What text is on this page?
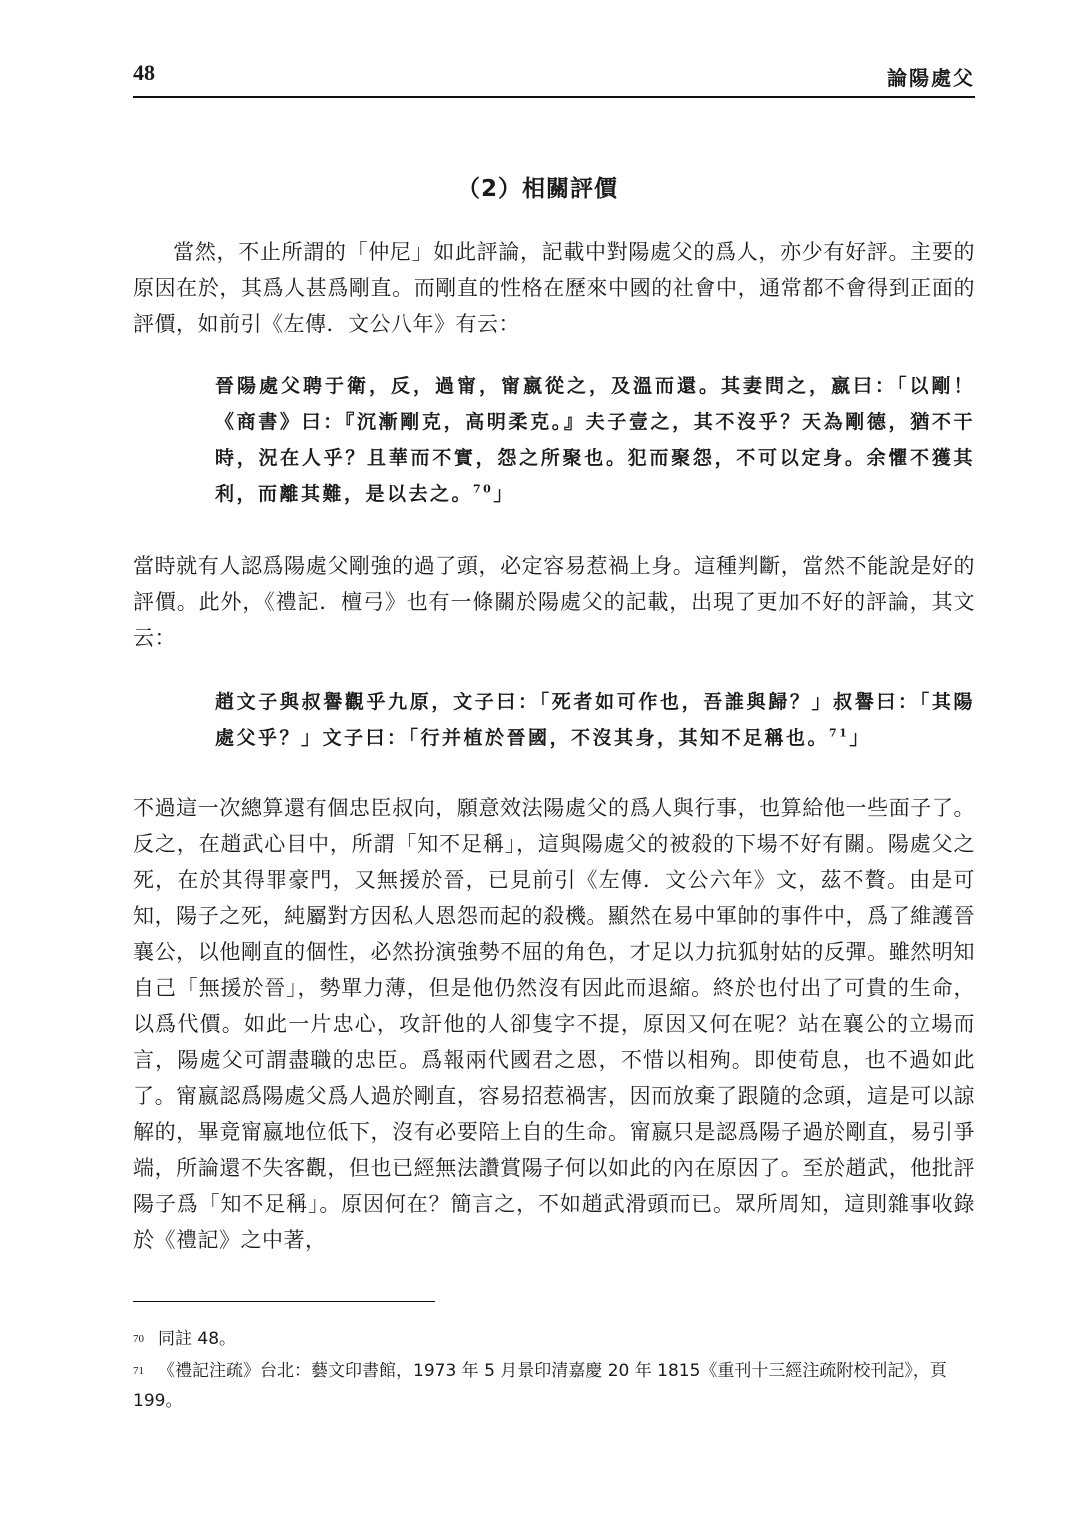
48	論陽處父
（2）相關評價
當然，不止所謂的「仲尼」如此評論，記載中對陽處父的爲人，亦少有好評。主要的原因在於，其爲人甚爲剛直。而剛直的性格在歷來中國的社會中，通常都不會得到正面的評價，如前引《左傳．文公八年》有云：
晉陽處父聘于衛，反，過甯，甯嬴從之，及溫而還。其妻問之，嬴曰：「以剛！《商書》曰：『沉漸剛克，高明柔克。』夫子壹之，其不沒乎？天為剛德，猶不干時，況在人乎？且華而不實，怨之所聚也。犯而聚怨，不可以定身。余懼不獲其利，而離其難，是以去之。$^{70}$」
當時就有人認爲陽處父剛強的過了頭，必定容易惹禍上身。這種判斷，當然不能說是好的評價。此外，《禮記．檀弓》也有一條關於陽處父的記載，出現了更加不好的評論，其文云：
趙文子與叔譽觀乎九原，文子曰：「死者如可作也，吾誰與歸？」叔譽曰：「其陽處父乎？」文子曰：「行并植於晉國，不沒其身，其知不足稱也。$^{71}$」
不過這一次總算還有個忠臣叔向，願意效法陽處父的爲人與行事，也算給他一些面子了。反之，在趙武心目中，所謂「知不足稱」，這與陽處父的被殺的下場不好有關。陽處父之死，在於其得罪豪門，又無援於晉，已見前引《左傳．文公六年》文，茲不贅。由是可知，陽子之死，純屬對方因私人恩怨而起的殺機。顯然在易中軍帥的事件中，爲了維護晉襄公，以他剛直的個性，必然扮演強勢不屈的角色，才足以力抗狐射姑的反彈。雖然明知自己「無援於晉」，勢單力薄，但是他仍然沒有因此而退縮。終於也付出了可貴的生命，以爲代價。如此一片忠心，攻訐他的人卻隻字不提，原因又何在呢？站在襄公的立場而言，陽處父可謂盡職的忠臣。爲報兩代國君之恩，不惜以相殉。即使荀息，也不過如此了。甯嬴認爲陽處父爲人過於剛直，容易招惹禍害，因而放棄了跟隨的念頭，這是可以諒解的，畢竟甯嬴地位低下，沒有必要陪上自的生命。甯嬴只是認爲陽子過於剛直，易引爭端，所論還不失客觀，但也已經無法讚賞陽子何以如此的內在原因了。至於趙武，他批評陽子爲「知不足稱」。原因何在？簡言之，不如趙武滑頭而已。眾所周知，這則雜事收錄於《禮記》之中著，
$^{70}$ 同註 48。
$^{71}$ 《禮記注疏》台北：藝文印書館，1973 年 5 月景印清嘉慶 20 年 1815《重刊十三經注疏附校刊記》，頁 199。
